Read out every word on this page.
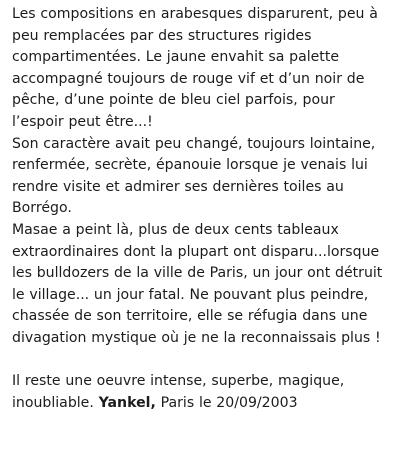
Les compositions en arabesques disparurent, peu à
peu remplacées par des structures rigides
compartimentées. Le jaune envahit sa palette
accompagné toujours de rouge vif et d’un noir de
pêche, d’une pointe de bleu ciel parfois, pour
l’espoir peut être...!

Son caractère avait peu changé, toujours lointaine,
renfermée, secrète, épanouie lorsque je venais lui
rendre visite et admirer ses dernières toiles au
Borrégo.

Masae a peint là, plus de deux cents tableaux
extraordinaires dont la plupart ont disparu...lorsque
les bulldozers de la ville de Paris, un jour ont détruit
le village... un jour fatal. Ne pouvant plus peindre,
chassée de son territoire, elle se réfugia dans une
divagation mystique où je ne la reconnaissais plus !

Il reste une oeuvre intense, superbe, magique,
inoubliable. Yankel, Paris le 20/09/2003
